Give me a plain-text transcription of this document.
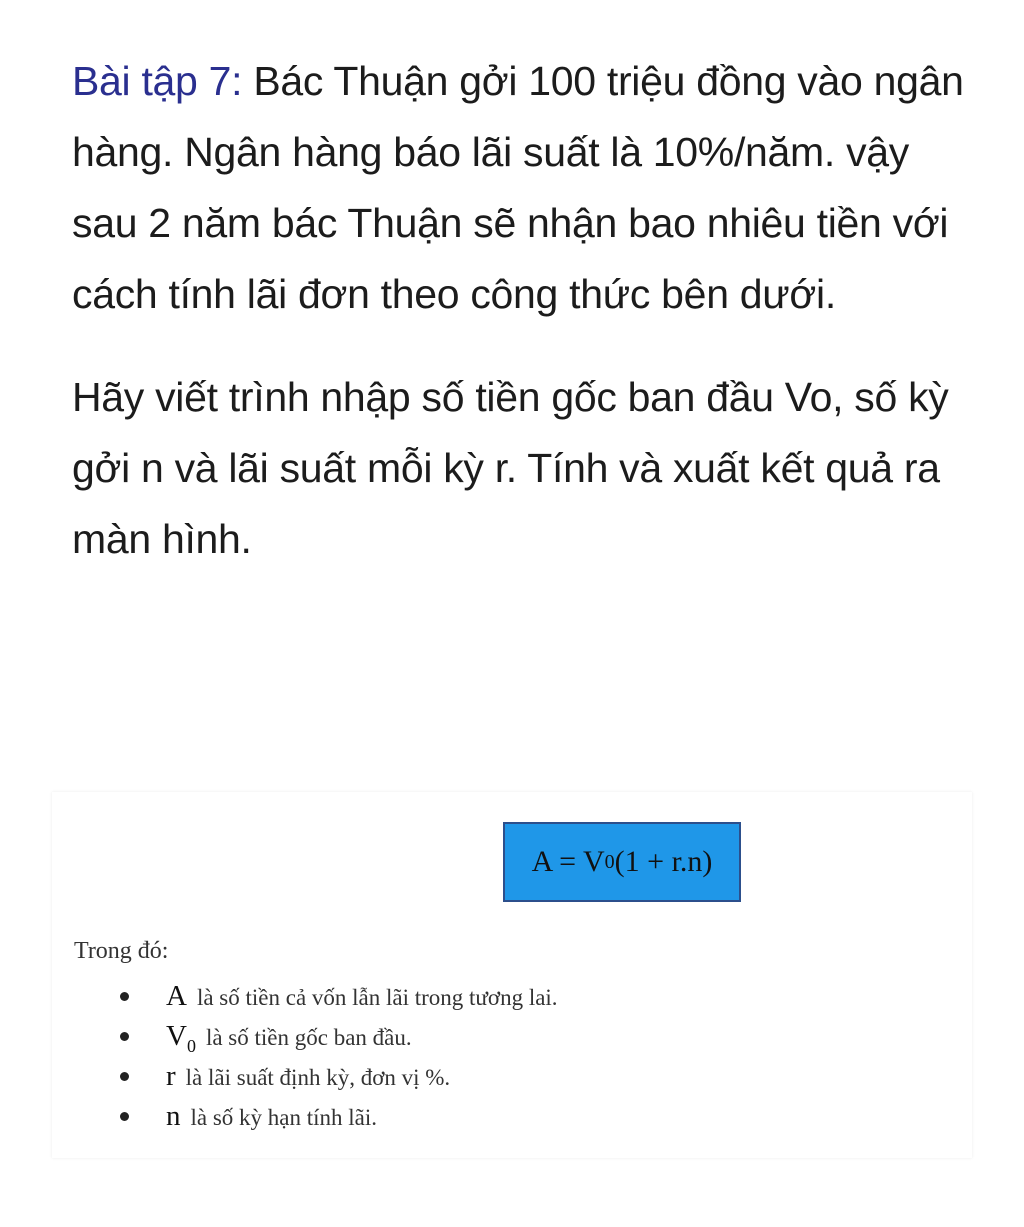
Bài tập 7: Bác Thuận gởi 100 triệu đồng vào ngân hàng. Ngân hàng báo lãi suất là 10%/năm. vậy sau 2 năm bác Thuận sẽ nhận bao nhiêu tiền với cách tính lãi đơn theo công thức bên dưới.

Hãy viết trình nhập số tiền gốc ban đầu Vo, số kỳ gởi n và lãi suất mỗi kỳ r. Tính và xuất kết quả ra màn hình.

A = V 0 (1 + r.n)
Trong đó:
A là số tiền cả vốn lẫn lãi trong tương lai.
$V_0$ là số tiền gốc ban đầu.
r là lãi suất định kỳ, đơn vị %.
n là số kỳ hạn tính lãi.
